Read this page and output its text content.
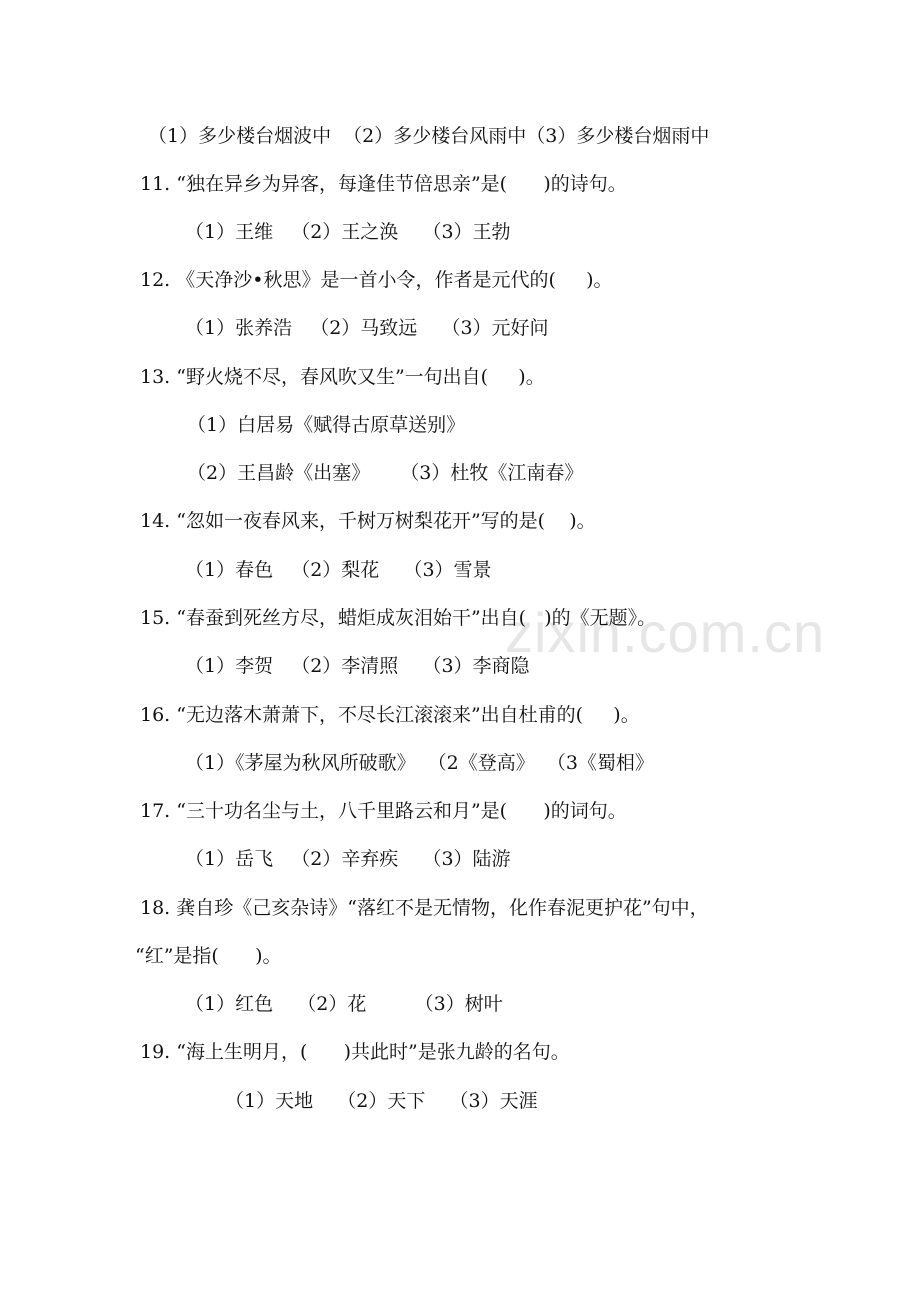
zixin.com.cn
（1）多少楼台烟波中  （2）多少楼台风雨中（3）多少楼台烟雨中
11. “独在异乡为异客，每逢佳节倍思亲”是(      )的诗句。
（1）王维   （2）王之涣    （3）王勃
12. 《天净沙•秋思》是一首小令，作者是元代的(     )。
（1）张养浩   （2）马致远    （3）元好问
13. “野火烧不尽，春风吹又生”一句出自(     )。
（1）白居易《赋得古原草送别》
（2）王昌龄《出塞》     （3）杜牧《江南春》
14. “忽如一夜春风来，千树万树梨花开”写的是(    )。
（1）春色   （2）梨花    （3）雪景
15. “春蚕到死丝方尽，蜡炬成灰泪始干”出自(   )的《无题》。
（1）李贺   （2）李清照    （3）李商隐
16. “无边落木萧萧下，不尽长江滚滚来”出自杜甫的(     )。
（1）《茅屋为秋风所破歌》  （2《登高》  （3《蜀相》
17. “三十功名尘与土，八千里路云和月”是(      )的词句。
（1）岳飞   （2）辛弃疾    （3）陆游
18. 龚自珍《己亥杂诗》“落红不是无情物，化作春泥更护花”句中，
“红”是指(      )。
（1）红色    （2）花        （3）树叶
19. “海上生明月，(      )共此时”是张九龄的名句。
（1）天地    （2）天下    （3）天涯
